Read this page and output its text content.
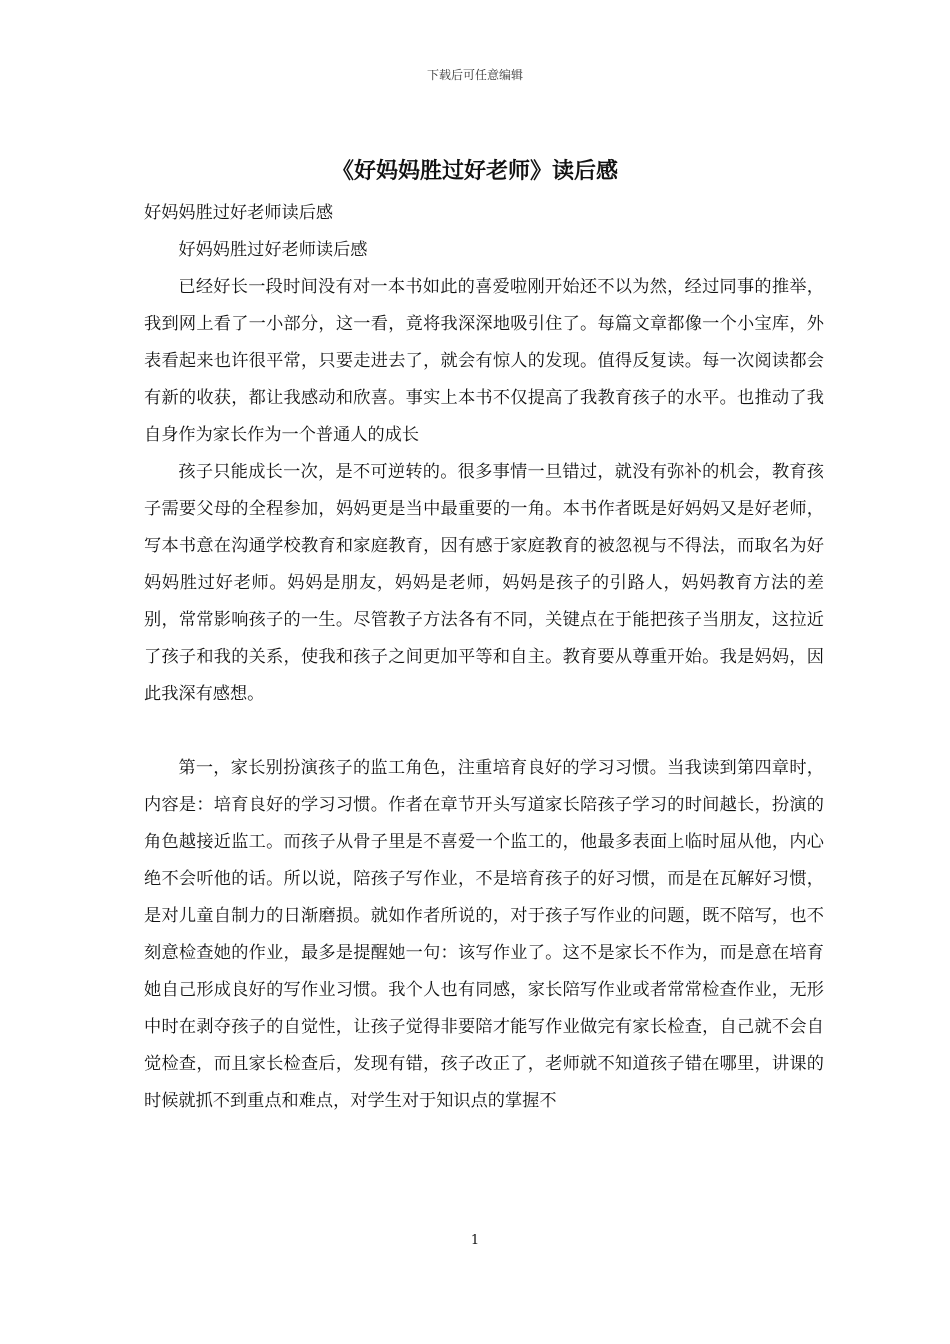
下载后可任意编辑
《好妈妈胜过好老师》读后感

好妈妈胜过好老师读后感

好妈妈胜过好老师读后感

已经好长一段时间没有对一本书如此的喜爱啦刚开始还不以为然，经过同事的推举，我到网上看了一小部分，这一看，竟将我深深地吸引住了。每篇文章都像一个小宝库，外表看起来也许很平常，只要走进去了，就会有惊人的发现。值得反复读。每一次阅读都会有新的收获，都让我感动和欣喜。事实上本书不仅提高了我教育孩子的水平。也推动了我自身作为家长作为一个普通人的成长

孩子只能成长一次，是不可逆转的。很多事情一旦错过，就没有弥补的机会，教育孩子需要父母的全程参加，妈妈更是当中最重要的一角。本书作者既是好妈妈又是好老师，写本书意在沟通学校教育和家庭教育，因有感于家庭教育的被忽视与不得法，而取名为好妈妈胜过好老师。妈妈是朋友，妈妈是老师，妈妈是孩子的引路人，妈妈教育方法的差别，常常影响孩子的一生。尽管教子方法各有不同，关键点在于能把孩子当朋友，这拉近了孩子和我的关系，使我和孩子之间更加平等和自主。教育要从尊重开始。我是妈妈，因此我深有感想。

第一，家长别扮演孩子的监工角色，注重培育良好的学习习惯。当我读到第四章时，内容是：培育良好的学习习惯。作者在章节开头写道家长陪孩子学习的时间越长，扮演的角色越接近监工。而孩子从骨子里是不喜爱一个监工的，他最多表面上临时屈从他，内心绝不会听他的话。所以说，陪孩子写作业，不是培育孩子的好习惯，而是在瓦解好习惯，是对儿童自制力的日渐磨损。就如作者所说的，对于孩子写作业的问题，既不陪写，也不刻意检查她的作业，最多是提醒她一句：该写作业了。这不是家长不作为，而是意在培育她自己形成良好的写作业习惯。我个人也有同感，家长陪写作业或者常常检查作业，无形中时在剥夺孩子的自觉性，让孩子觉得非要陪才能写作业做完有家长检查，自己就不会自觉检查，而且家长检查后，发现有错，孩子改正了，老师就不知道孩子错在哪里，讲课的时候就抓不到重点和难点，对学生对于知识点的掌握不

1
